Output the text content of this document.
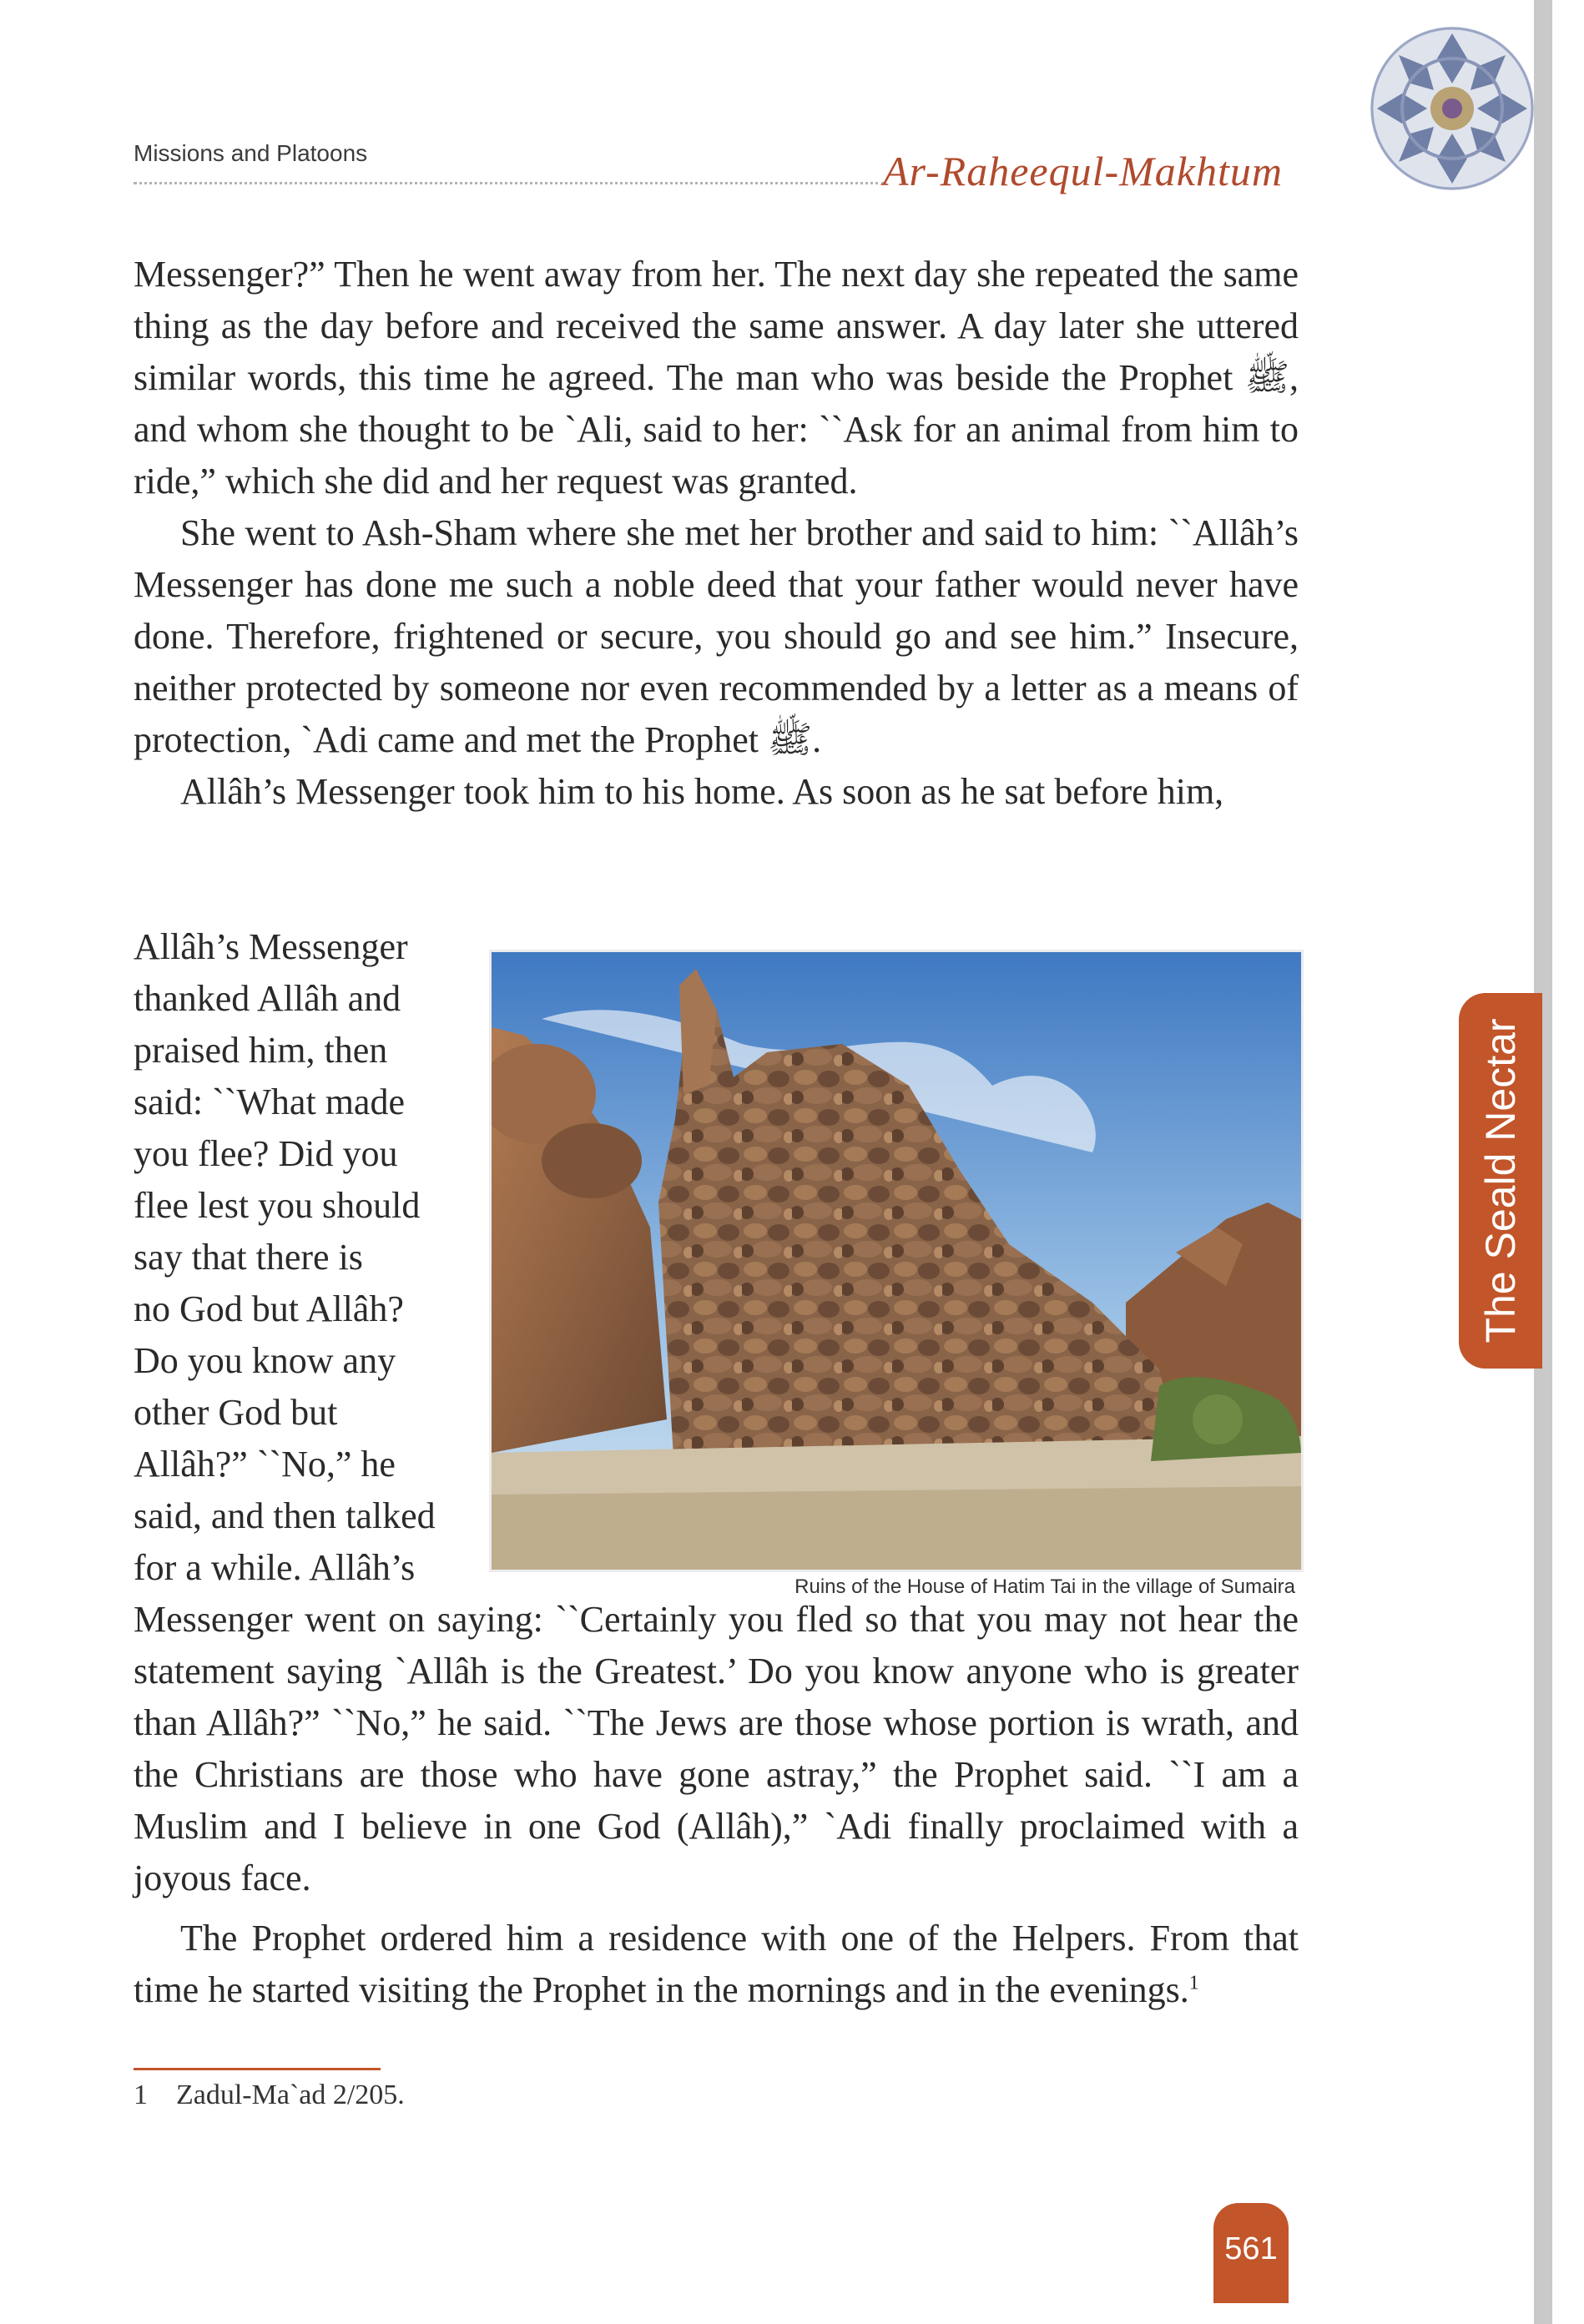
Missions and Platoons	Ar-Raheequl-Makhtum

Messenger?” Then he went away from her. The next day she repeated the same thing as the day before and received the same answer. A day later she uttered similar words, this time he agreed. The man who was beside the Prophet ﷺ, and whom she thought to be `Ali, said to her: ``Ask for an animal from him to ride,” which she did and her request was granted.

She went to Ash-Sham where she met her brother and said to him: ``Allâh’s Messenger has done me such a noble deed that your father would never have done. Therefore, frightened or secure, you should go and see him.” Insecure, neither protected by someone nor even recommended by a letter as a means of protection, `Adi came and met the Prophet ﷺ.

Allâh’s Messenger took him to his home. As soon as he sat before him,

Allâh’s Messenger
thanked Allâh and
praised him, then
said: ``What made
you flee? Did you
flee lest you should
say that there is
no God but Allâh?
Do you know any
other God but
Allâh?” ``No,” he
said, and then talked
for a while. Allâh’s	Ruins of the House of Hatim Tai in the village of Sumaira

Messenger went on saying: ``Certainly you fled so that you may not hear the statement saying `Allâh is the Greatest.’ Do you know anyone who is greater than Allâh?” ``No,” he said. ``The Jews are those whose portion is wrath, and the Christians are those who have gone astray,” the Prophet said. ``I am a Muslim and I believe in one God (Allâh),” `Adi finally proclaimed with a joyous face.

The Prophet ordered him a residence with one of the Helpers. From that time he started visiting the Prophet in the mornings and in the evenings.$^1$

1 Zadul-Ma`ad 2/205.
The Seald Nectar
561
